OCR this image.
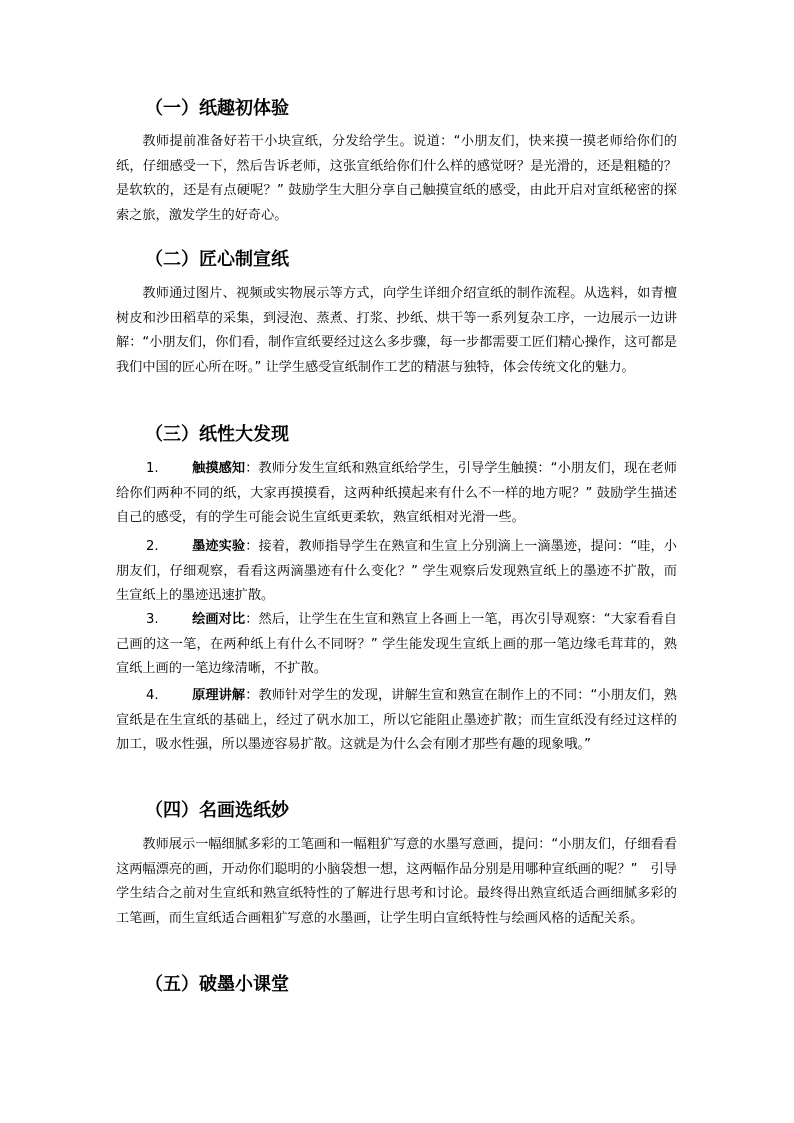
（一）纸趣初体验

教师提前准备好若干小块宣纸，分发给学生。说道：“小朋友们，快来摸一摸老师给你们的纸，仔细感受一下，然后告诉老师，这张宣纸给你们什么样的感觉呀？是光滑的，还是粗糙的？是软软的，还是有点硬呢？” 鼓励学生大胆分享自己触摸宣纸的感受，由此开启对宣纸秘密的探索之旅，激发学生的好奇心。

（二）匠心制宣纸

教师通过图片、视频或实物展示等方式，向学生详细介绍宣纸的制作流程。从选料，如青檀树皮和沙田稻草的采集，到浸泡、蒸煮、打浆、抄纸、烘干等一系列复杂工序，一边展示一边讲解：“小朋友们，你们看，制作宣纸要经过这么多步骤，每一步都需要工匠们精心操作，这可都是我们中国的匠心所在呀。” 让学生感受宣纸制作工艺的精湛与独特，体会传统文化的魅力。

（三）纸性大发现

1.	触摸感知：教师分发生宣纸和熟宣纸给学生，引导学生触摸：“小朋友们，现在老师给你们两种不同的纸，大家再摸摸看，这两种纸摸起来有什么不一样的地方呢？” 鼓励学生描述自己的感受，有的学生可能会说生宣纸更柔软，熟宣纸相对光滑一些。

2.	墨迹实验：接着，教师指导学生在熟宣和生宣上分别滴上一滴墨迹，提问：“哇，小朋友们，仔细观察，看看这两滴墨迹有什么变化？” 学生观察后发现熟宣纸上的墨迹不扩散，而生宣纸上的墨迹迅速扩散。

3.	绘画对比：然后，让学生在生宣和熟宣上各画上一笔，再次引导观察：“大家看看自己画的这一笔，在两种纸上有什么不同呀？” 学生能发现生宣纸上画的那一笔边缘毛茸茸的，熟宣纸上画的一笔边缘清晰，不扩散。

4.	原理讲解：教师针对学生的发现，讲解生宣和熟宣在制作上的不同：“小朋友们，熟宣纸是在生宣纸的基础上，经过了矾水加工，所以它能阻止墨迹扩散；而生宣纸没有经过这样的加工，吸水性强，所以墨迹容易扩散。这就是为什么会有刚才那些有趣的现象哦。”

（四）名画选纸妙

教师展示一幅细腻多彩的工笔画和一幅粗犷写意的水墨写意画，提问：“小朋友们，仔细看看这两幅漂亮的画，开动你们聪明的小脑袋想一想，这两幅作品分别是用哪种宣纸画的呢？”　引导学生结合之前对生宣纸和熟宣纸特性的了解进行思考和讨论。最终得出熟宣纸适合画细腻多彩的工笔画，而生宣纸适合画粗犷写意的水墨画，让学生明白宣纸特性与绘画风格的适配关系。

（五）破墨小课堂
